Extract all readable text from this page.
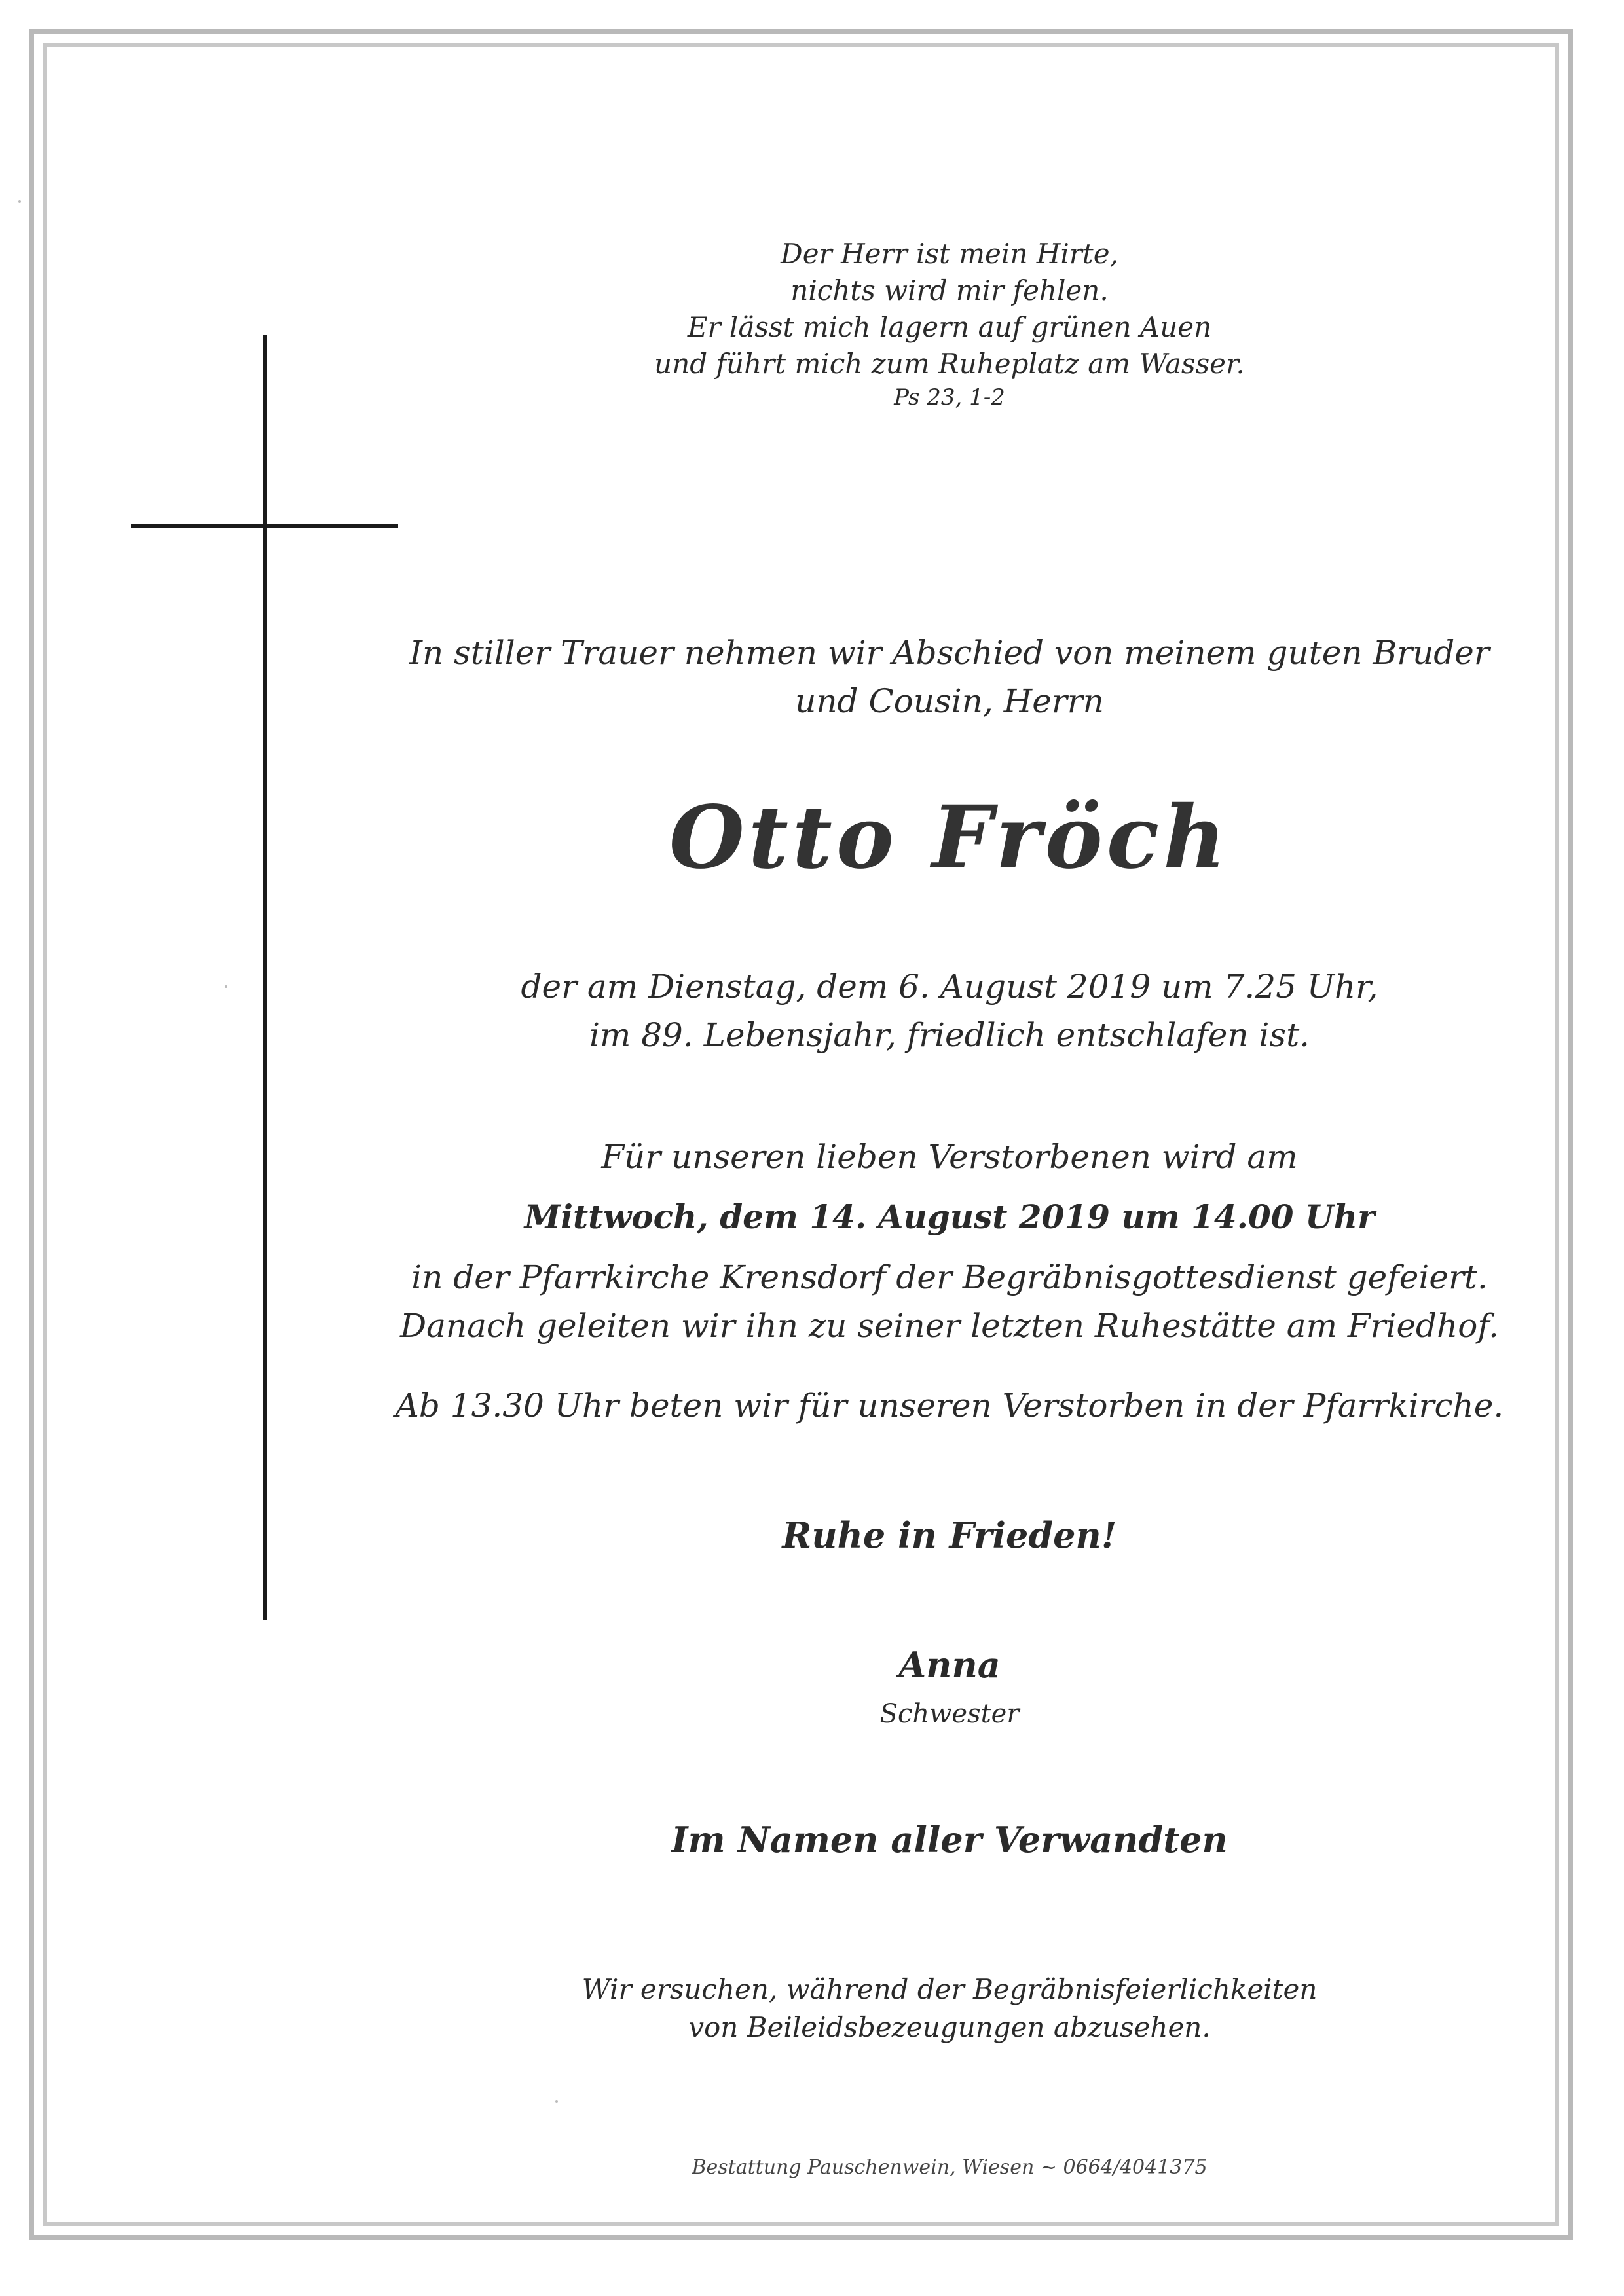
Der Herr ist mein Hirte,
nichts wird mir fehlen.
Er lässt mich lagern auf grünen Auen
und führt mich zum Ruheplatz am Wasser.
Ps 23, 1-2
In stiller Trauer nehmen wir Abschied von meinem guten Bruder
und Cousin, Herrn
Otto Fröch
der am Dienstag, dem 6. August 2019 um 7.25 Uhr,
im 89. Lebensjahr, friedlich entschlafen ist.
Für unseren lieben Verstorbenen wird am
Mittwoch, dem 14. August 2019 um 14.00 Uhr
in der Pfarrkirche Krensdorf der Begräbnisgottesdienst gefeiert.
Danach geleiten wir ihn zu seiner letzten Ruhestätte am Friedhof.
Ab 13.30 Uhr beten wir für unseren Verstorben in der Pfarrkirche.
Ruhe in Frieden!
Anna
Schwester
Im Namen aller Verwandten
Wir ersuchen, während der Begräbnisfeierlichkeiten
von Beileidsbezeugungen abzusehen.
Bestattung Pauschenwein, Wiesen ~ 0664/4041375
